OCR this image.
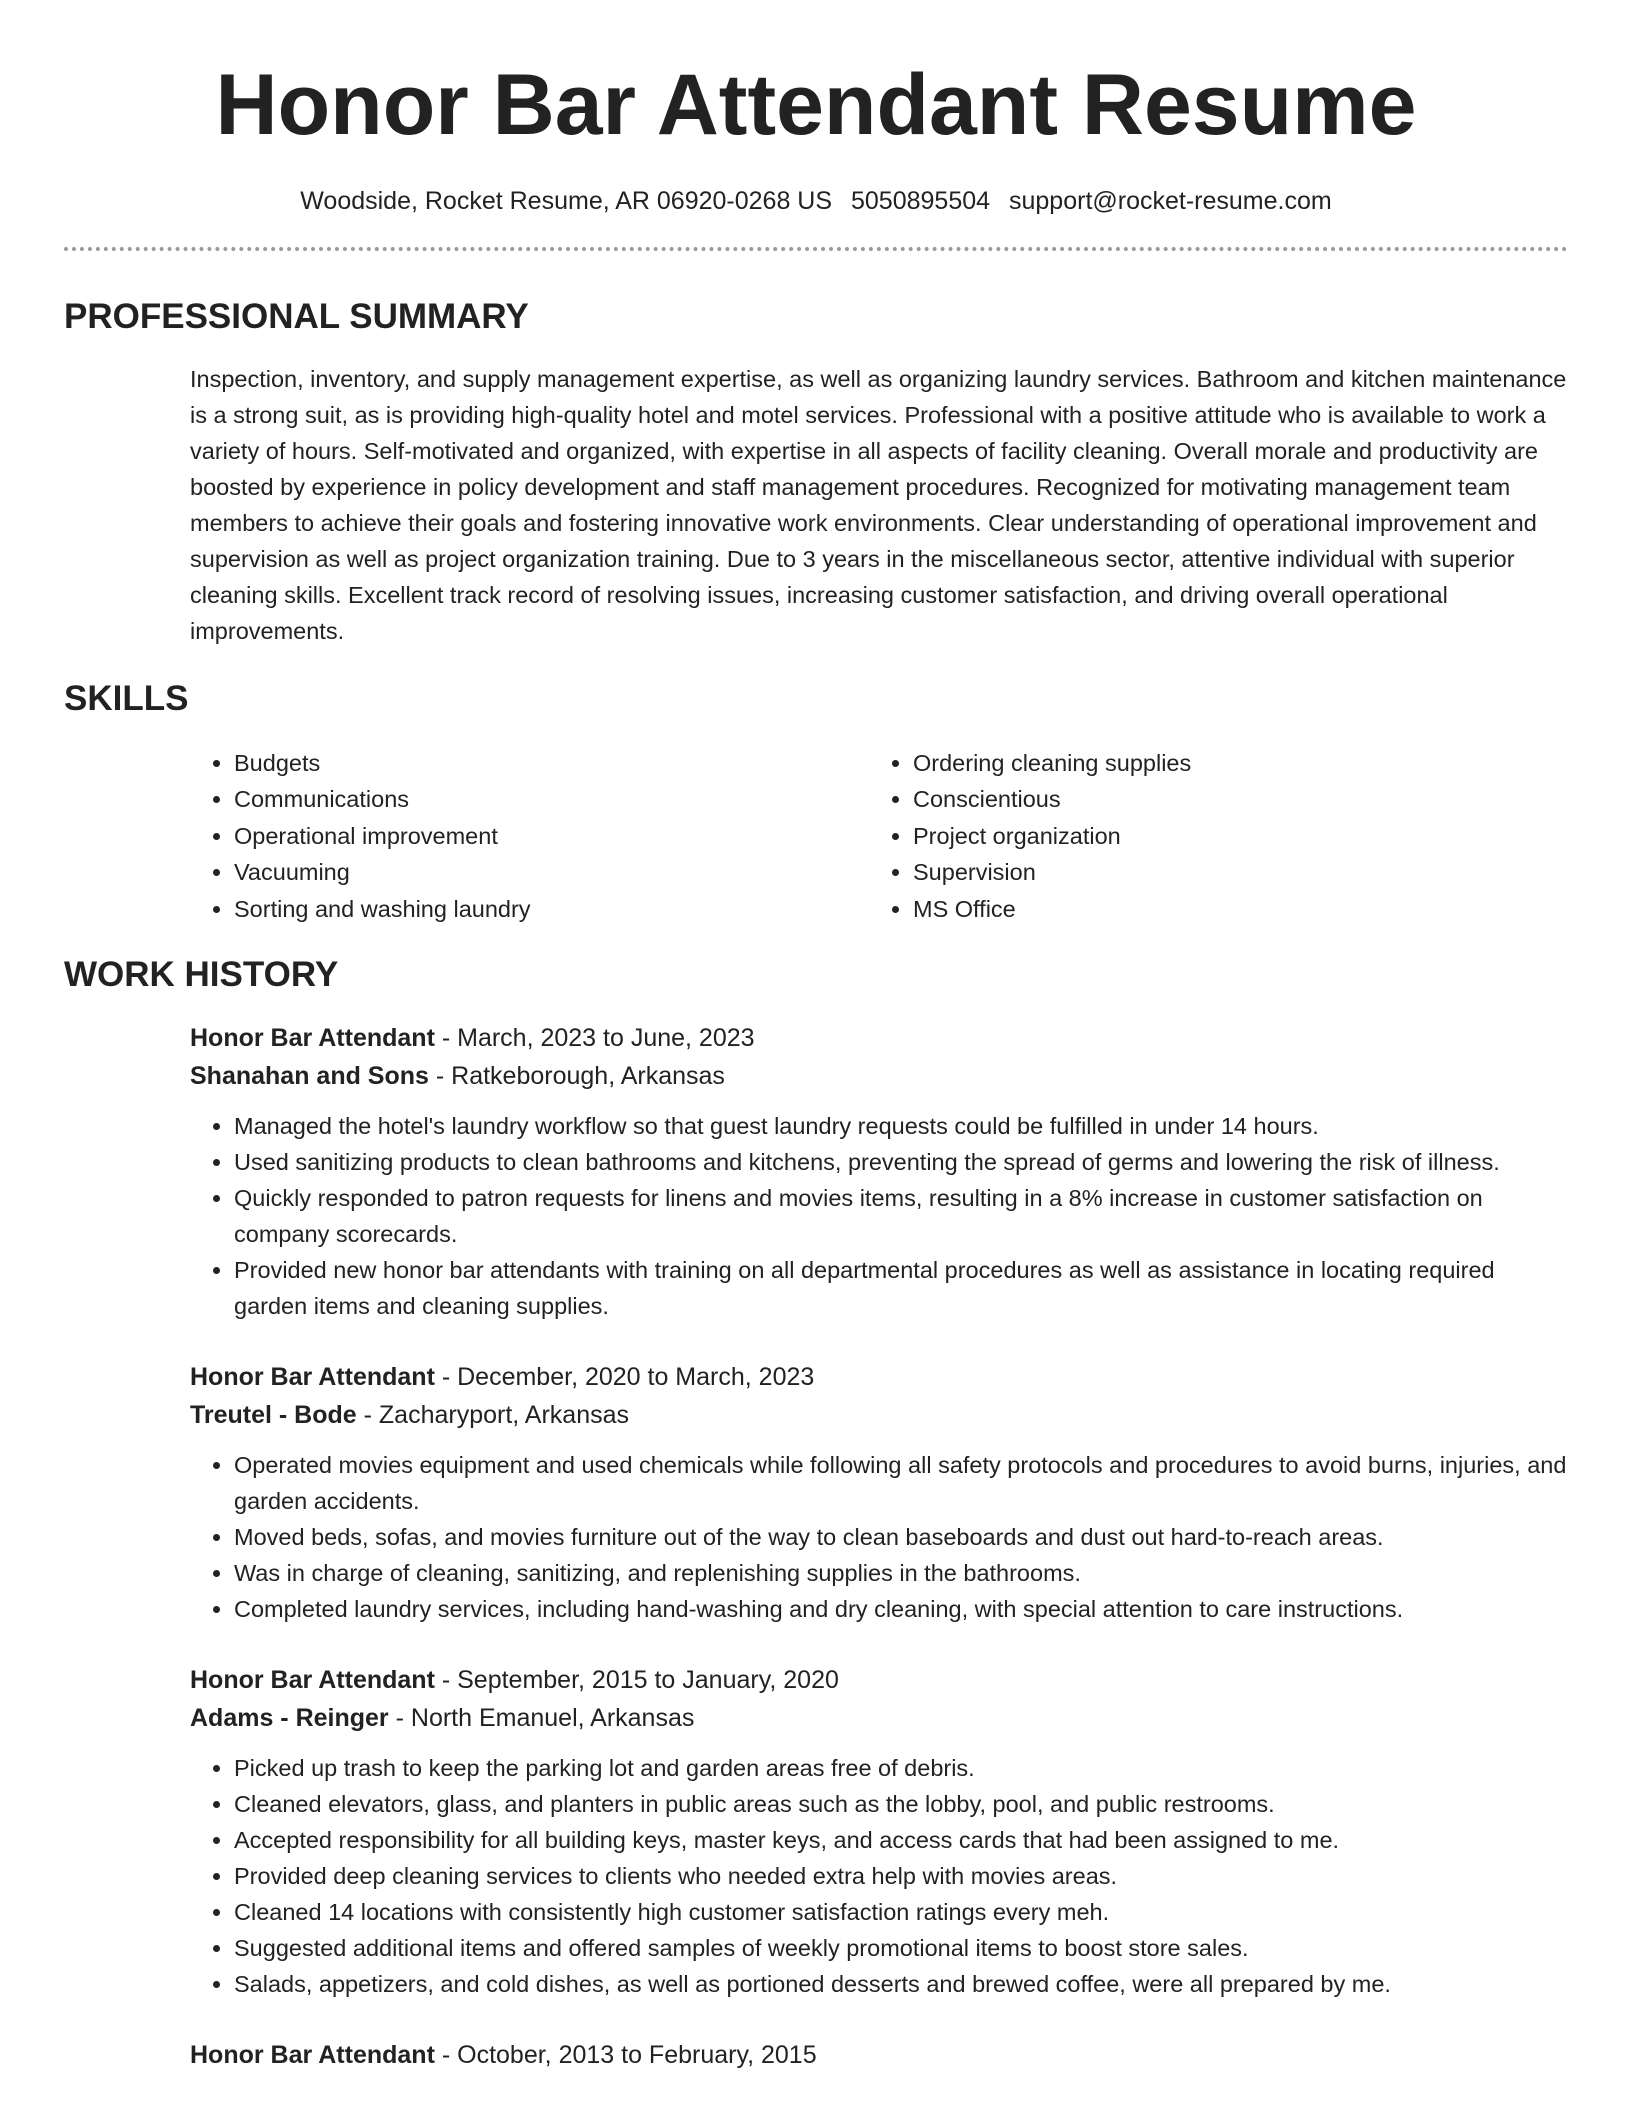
Honor Bar Attendant Resume
Woodside, Rocket Resume, AR 06920-0268 US 5050895504 support@rocket-resume.com
PROFESSIONAL SUMMARY

Inspection, inventory, and supply management expertise, as well as organizing laundry services. Bathroom and kitchen maintenance is a strong suit, as is providing high-quality hotel and motel services. Professional with a positive attitude who is available to work a variety of hours. Self-motivated and organized, with expertise in all aspects of facility cleaning. Overall morale and productivity are boosted by experience in policy development and staff management procedures. Recognized for motivating management team members to achieve their goals and fostering innovative work environments. Clear understanding of operational improvement and supervision as well as project organization training. Due to 3 years in the miscellaneous sector, attentive individual with superior cleaning skills. Excellent track record of resolving issues, increasing customer satisfaction, and driving overall operational improvements.

SKILLS
• Budgets
• Communications
• Operational improvement
• Vacuuming
• Sorting and washing laundry
• Ordering cleaning supplies
• Conscientious
• Project organization
• Supervision
• MS Office
WORK HISTORY
Honor Bar Attendant - March, 2023 to June, 2023
Shanahan and Sons - Ratkeborough, Arkansas
• Managed the hotel's laundry workflow so that guest laundry requests could be fulfilled in under 14 hours.
• Used sanitizing products to clean bathrooms and kitchens, preventing the spread of germs and lowering the risk of illness.
• Quickly responded to patron requests for linens and movies items, resulting in a 8% increase in customer satisfaction on company scorecards.
• Provided new honor bar attendants with training on all departmental procedures as well as assistance in locating required garden items and cleaning supplies.
Honor Bar Attendant - December, 2020 to March, 2023
Treutel - Bode - Zacharyport, Arkansas
• Operated movies equipment and used chemicals while following all safety protocols and procedures to avoid burns, injuries, and garden accidents.
• Moved beds, sofas, and movies furniture out of the way to clean baseboards and dust out hard-to-reach areas.
• Was in charge of cleaning, sanitizing, and replenishing supplies in the bathrooms.
• Completed laundry services, including hand-washing and dry cleaning, with special attention to care instructions.
Honor Bar Attendant - September, 2015 to January, 2020
Adams - Reinger - North Emanuel, Arkansas
• Picked up trash to keep the parking lot and garden areas free of debris.
• Cleaned elevators, glass, and planters in public areas such as the lobby, pool, and public restrooms.
• Accepted responsibility for all building keys, master keys, and access cards that had been assigned to me.
• Provided deep cleaning services to clients who needed extra help with movies areas.
• Cleaned 14 locations with consistently high customer satisfaction ratings every meh.
• Suggested additional items and offered samples of weekly promotional items to boost store sales.
• Salads, appetizers, and cold dishes, as well as portioned desserts and brewed coffee, were all prepared by me.
Honor Bar Attendant - October, 2013 to February, 2015
